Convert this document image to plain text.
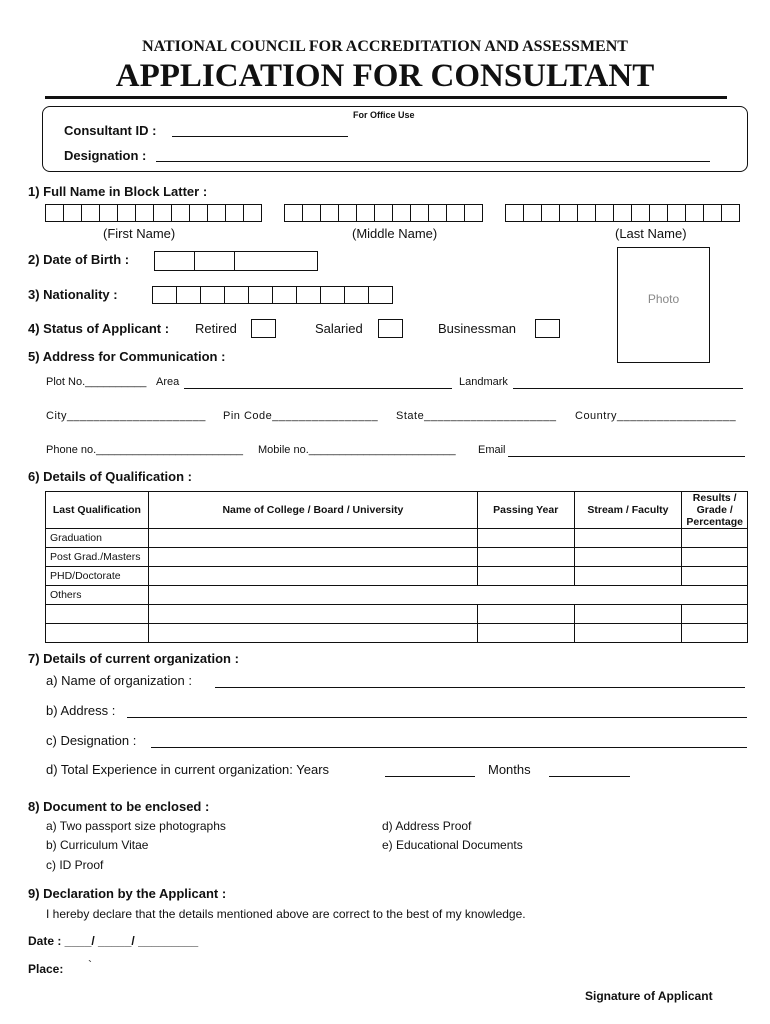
NATIONAL COUNCIL FOR ACCREDITATION AND ASSESSMENT
APPLICATION FOR CONSULTANT
For Office Use
Consultant ID :
Designation :
1) Full Name in Block Latter :
(First Name)	(Middle Name)	(Last Name)
2) Date of Birth :
Photo
3) Nationality :
4) Status of Applicant : Retired	Salaried	Businessman
5) Address for Communication :
Plot No.__________ Area	Landmark
City_____________________ Pin Code________________ State____________________ Country__________________
Phone no.________________________ Mobile no.________________________ Email
6) Details of Qualification :
Last Qualification	Name of College / Board / University	Passing Year	Stream / Faculty	Results / Grade / Percentage
Graduation				
Post Grad./Masters				
PHD/Doctorate				
Others				

7) Details of current organization :
a) Name of organization :
b) Address :
c) Designation :
d) Total Experience in current organization: Years	Months
8) Document to be enclosed :
a) Two passport size photographs
b) Curriculum Vitae
c) ID Proof
d) Address Proof
e) Educational Documents
9) Declaration by the Applicant :
I hereby declare that the details mentioned above are correct to the best of my knowledge.
Date : ____/ _____/ _________
Place: `
Signature of Applicant
